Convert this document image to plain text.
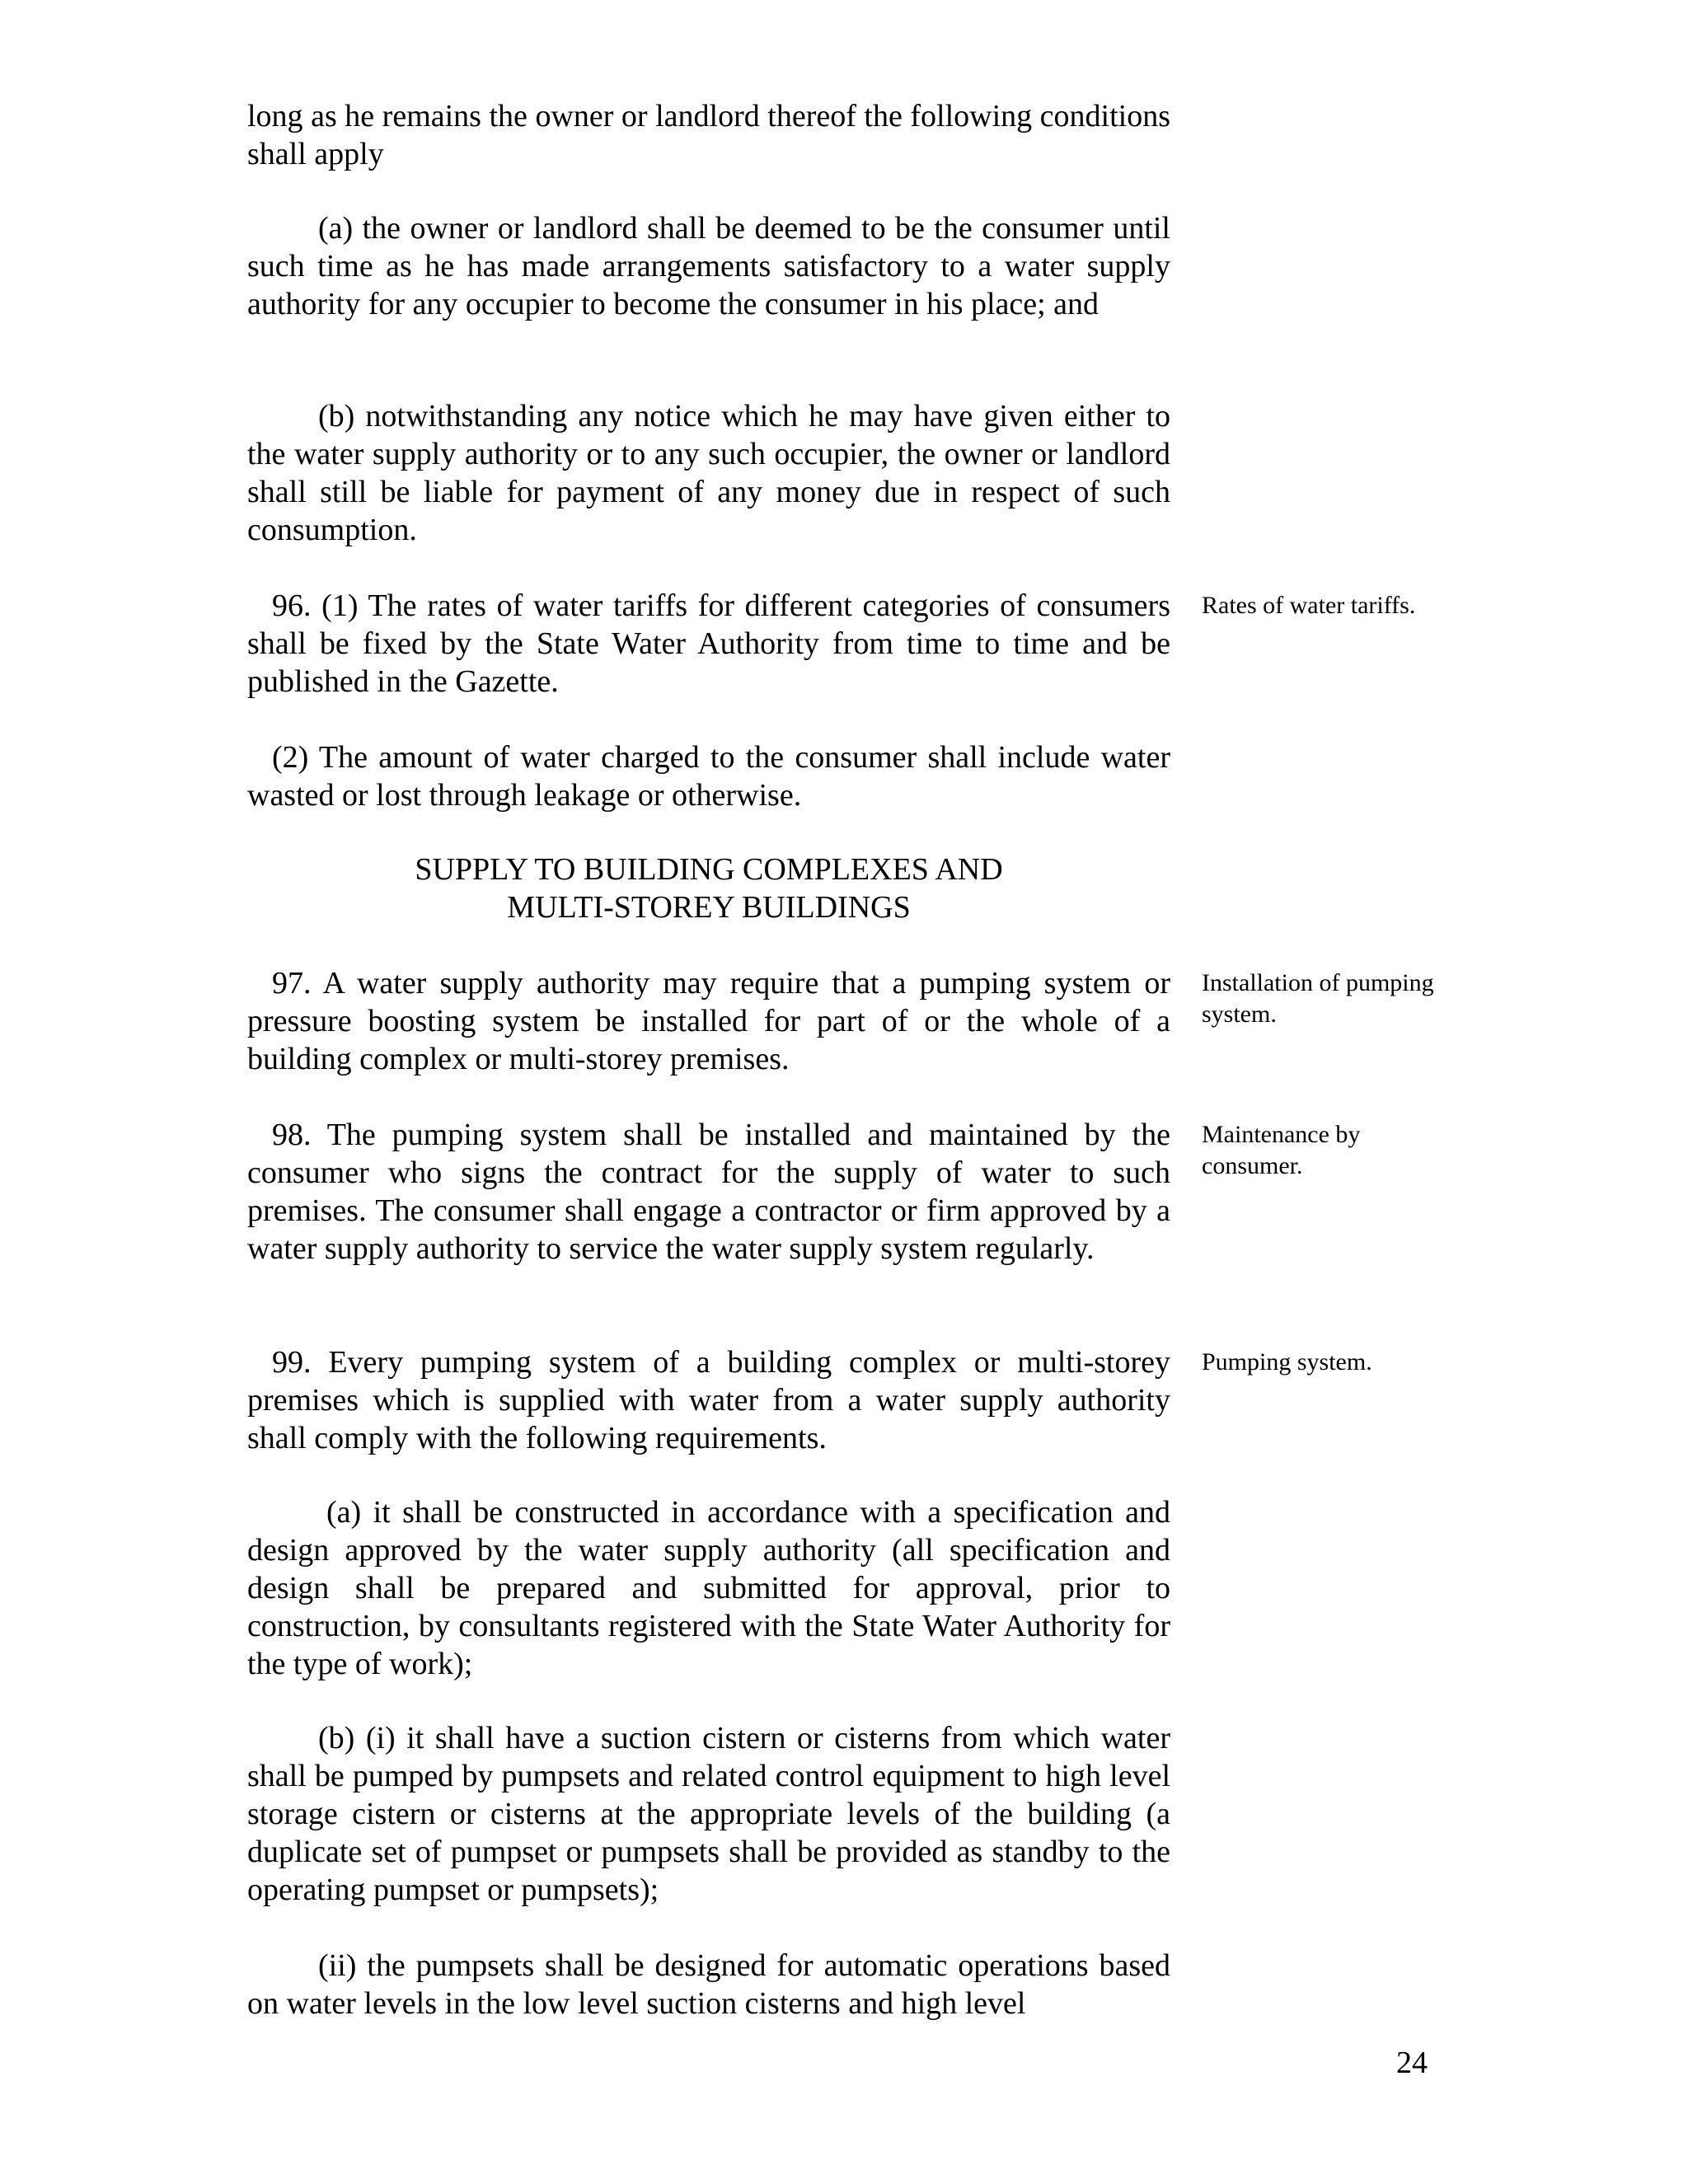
long as he remains the owner or landlord thereof the following conditions shall apply

(a) the owner or landlord shall be deemed to be the consumer until such time as he has made arrangements satisfactory to a water supply authority for any occupier to become the consumer in his place; and

(b) notwithstanding any notice which he may have given either to the water supply authority or to any such occupier, the owner or landlord shall still be liable for payment of any money due in respect of such consumption.

96. (1) The rates of water tariffs for different categories of consumers shall be fixed by the State Water Authority from time to time and be published in the Gazette.

Rates of water tariffs.

(2) The amount of water charged to the consumer shall include water wasted or lost through leakage or otherwise.

SUPPLY TO BUILDING COMPLEXES AND
MULTI-STOREY BUILDINGS

97. A water supply authority may require that a pumping system or pressure boosting system be installed for part of or the whole of a building complex or multi-storey premises.

Installation of pumping system.

98. The pumping system shall be installed and maintained by the consumer who signs the contract for the supply of water to such premises. The consumer shall engage a contractor or firm approved by a water supply authority to service the water supply system regularly.

Maintenance by consumer.

99. Every pumping system of a building complex or multi-storey premises which is supplied with water from a water supply authority shall comply with the following requirements.

Pumping system.

(a) it shall be constructed in accordance with a specification and design approved by the water supply authority (all specification and design shall be prepared and submitted for approval, prior to construction, by consultants registered with the State Water Authority for the type of work);

(b) (i) it shall have a suction cistern or cisterns from which water shall be pumped by pumpsets and related control equipment to high level storage cistern or cisterns at the appropriate levels of the building (a duplicate set of pumpset or pumpsets shall be provided as standby to the operating pumpset or pumpsets);

(ii) the pumpsets shall be designed for automatic operations based on water levels in the low level suction cisterns and high level

24
